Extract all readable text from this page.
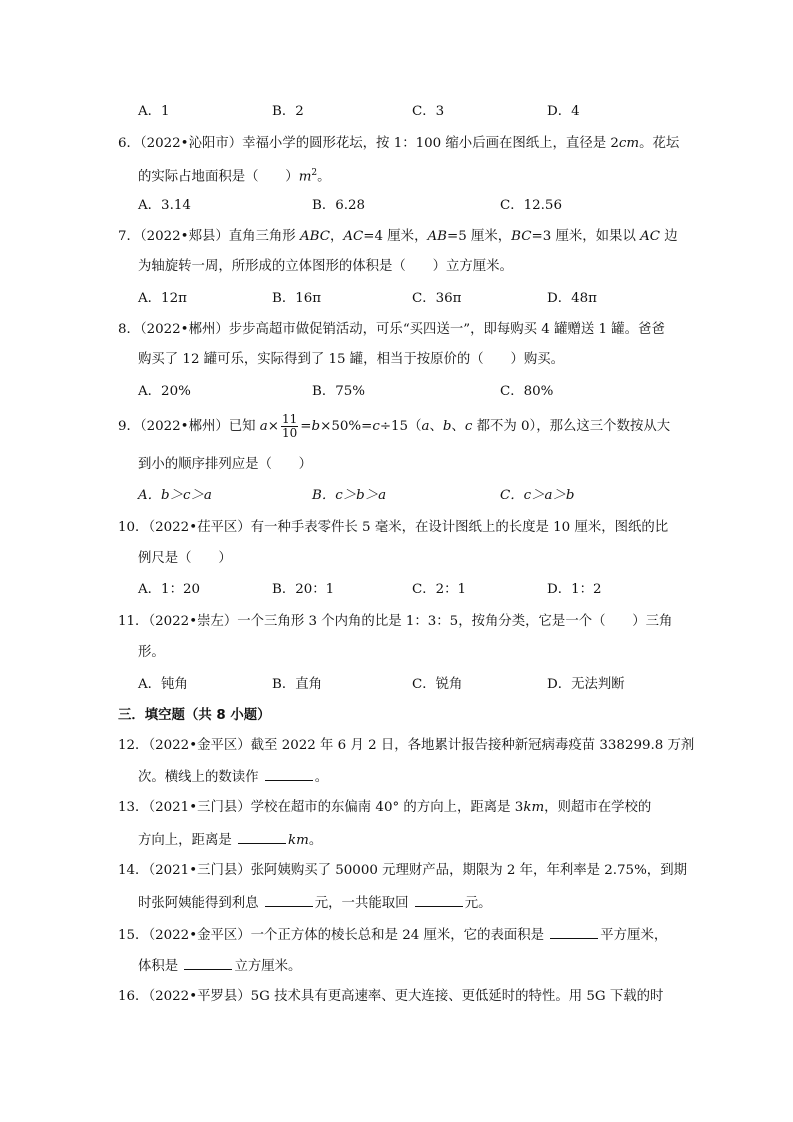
A．1	B．2	C．3	D．4
6．（2022•沁阳市）幸福小学的圆形花坛，按 1：100 缩小后画在图纸上，直径是 2cm。花坛
的实际占地面积是（　　）$m^2$。
A．3.14	B．6.28	C．12.56
7．（2022•郏县）直角三角形 ABC，AC=4 厘米，AB=5 厘米，BC=3 厘米，如果以 AC 边
为轴旋转一周，所形成的立体图形的体积是（　　）立方厘米。
A．12π	B．16π	C．36π	D．48π
8．（2022•郴州）步步高超市做促销活动，可乐“买四送一”，即每购买 4 罐赠送 1 罐。爸爸
购买了 12 罐可乐，实际得到了 15 罐，相当于按原价的（　　）购买。
A．20%	B．75%	C．80%
9．（2022•郴州）已知 $a\times \frac{11}{10} =b\times 50\%=c\div 15(a$、b、c 都不为 0），那么这三个数按从大
到小的顺序排列应是（　　）
A．b＞c＞a	B．c＞b＞a	C．c＞a＞b
10．（2022•茌平区）有一种手表零件长 5 毫米，在设计图纸上的长度是 10 厘米，图纸的比
例尺是（　　）
A．1：20	B．20：1	C．2：1	D．1：2
11．（2022•崇左）一个三角形 3 个内角的比是 1：3：5，按角分类，它是一个（　　）三角
形。
A．钝角	B．直角	C．锐角	D．无法判断
三．填空题（共 8 小题）
12．（2022•金平区）截至 2022 年 6 月 2 日，各地累计报告接种新冠病毒疫苗 338299.8 万剂
次。横线上的数读作	。
13．（2021•三门县）学校在超市的东偏南 40° 的方向上，距离是 3km，则超市在学校的
方向上，距离是	km。
14．（2021•三门县）张阿姨购买了 50000 元理财产品，期限为 2 年，年利率是 2.75%，到期
时张阿姨能得到利息	元，一共能取回	元。
15．（2022•金平区）一个正方体的棱长总和是 24 厘米，它的表面积是	平方厘米，
体积是	立方厘米。
16．（2022•平罗县）5G 技术具有更高速率、更大连接、更低延时的特性。用 5G 下载的时
